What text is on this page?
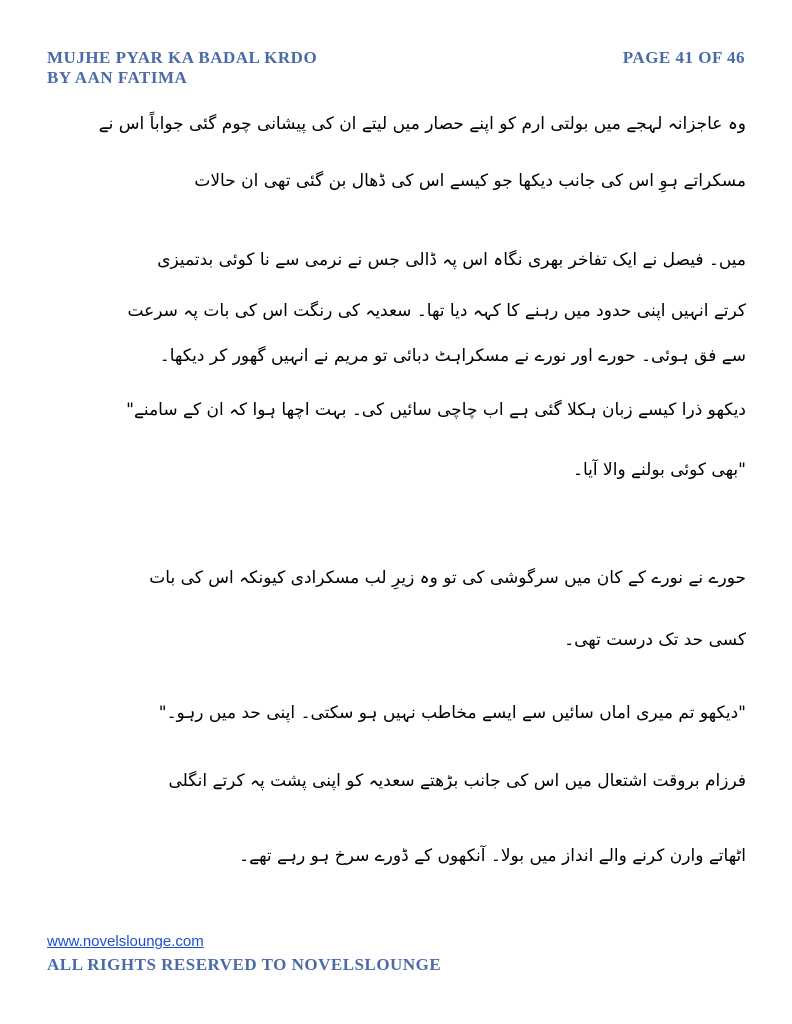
MUJHE PYAR KA BADAL KRDO
BY AAN FATIMA
PAGE 41 OF 46
وہ عاجزانہ لہجے میں بولتی ارم کو اپنے حصار میں لیتے ان کی پیشانی چوم گئی جواباً اس نے
مسکراتے ہوِ اس کی جانب دیکھا جو کیسے اس کی ڈھال بن گئی تھی ان حالات
میں۔ فیصل نے ایک تفاخر بھری نگاہ اس پہ ڈالی جس نے نرمی سے نا کوئی بدتمیزی
کرتے انہیں اپنی حدود میں رہنے کا کہہ دیا تھا۔ سعدیہ کی رنگت اس کی بات پہ سرعت
سے فق ہوئی۔ حورے اور نورے نے مسکراہٹ دبائی تو مریم نے انہیں گھور کر دیکھا۔
دیکھو ذرا کیسے زبان ہکلا گئی ہے اب چاچی سائیں کی۔ بہت اچھا ہوا کہ ان کے سامنے"
"بھی کوئی بولنے والا آیا۔
حورے نے نورے کے کان میں سرگوشی کی تو وہ زیرِ لب مسکرادی کیونکہ اس کی بات
کسی حد تک درست تھی۔
"دیکھو تم میری اماں سائیں سے ایسے مخاطب نہیں ہو سکتی۔ اپنی حد میں رہو۔"
فرزام بروقت اشتعال میں اس کی جانب بڑھتے سعدیہ کو اپنی پشت پہ کرتے انگلی
اٹھاتے وارن کرنے والے انداز میں بولا۔ آنکھوں کے ڈورے سرخ ہو رہے تھے۔
www.novelslounge.com
ALL RIGHTS RESERVED TO NOVELSLOUNGE
